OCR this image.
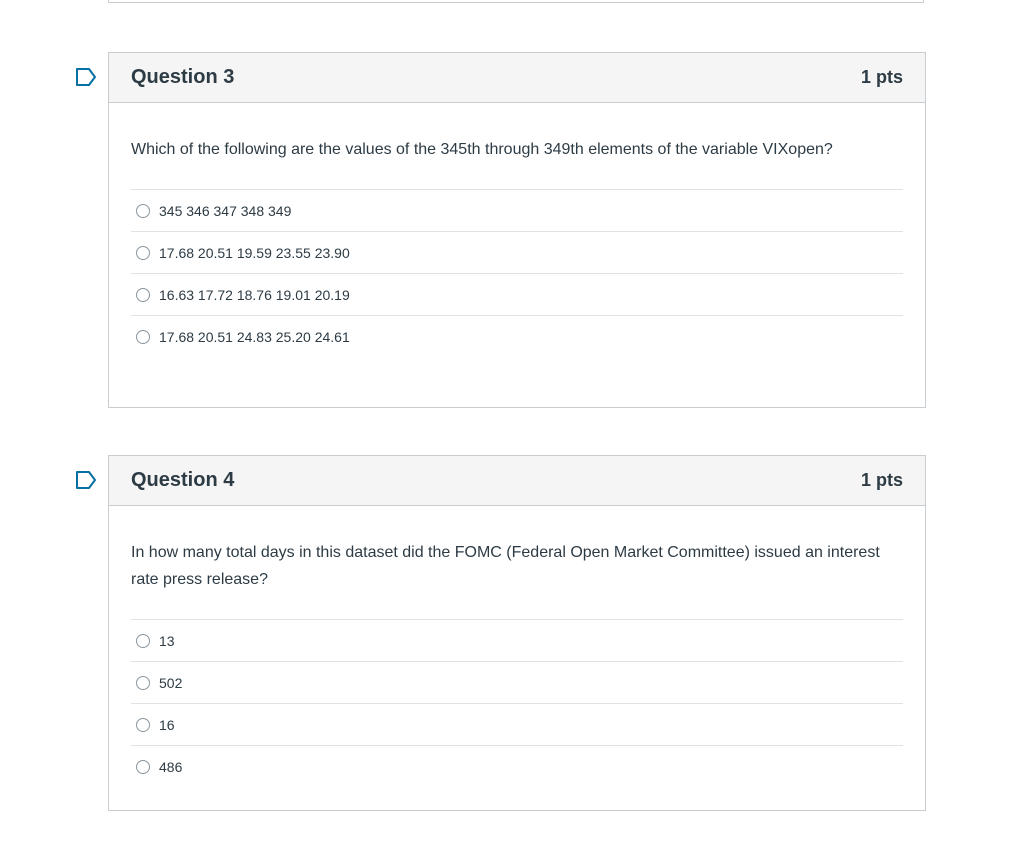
Question 3	1 pts

Which of the following are the values of the 345th through 349th elements of the variable VIXopen?

345 346 347 348 349
17.68 20.51 19.59 23.55 23.90
16.63 17.72 18.76 19.01 20.19
17.68 20.51 24.83 25.20 24.61
Question 4	1 pts

In how many total days in this dataset did the FOMC (Federal Open Market Committee) issued an interest rate press release?

13
502
16
486
